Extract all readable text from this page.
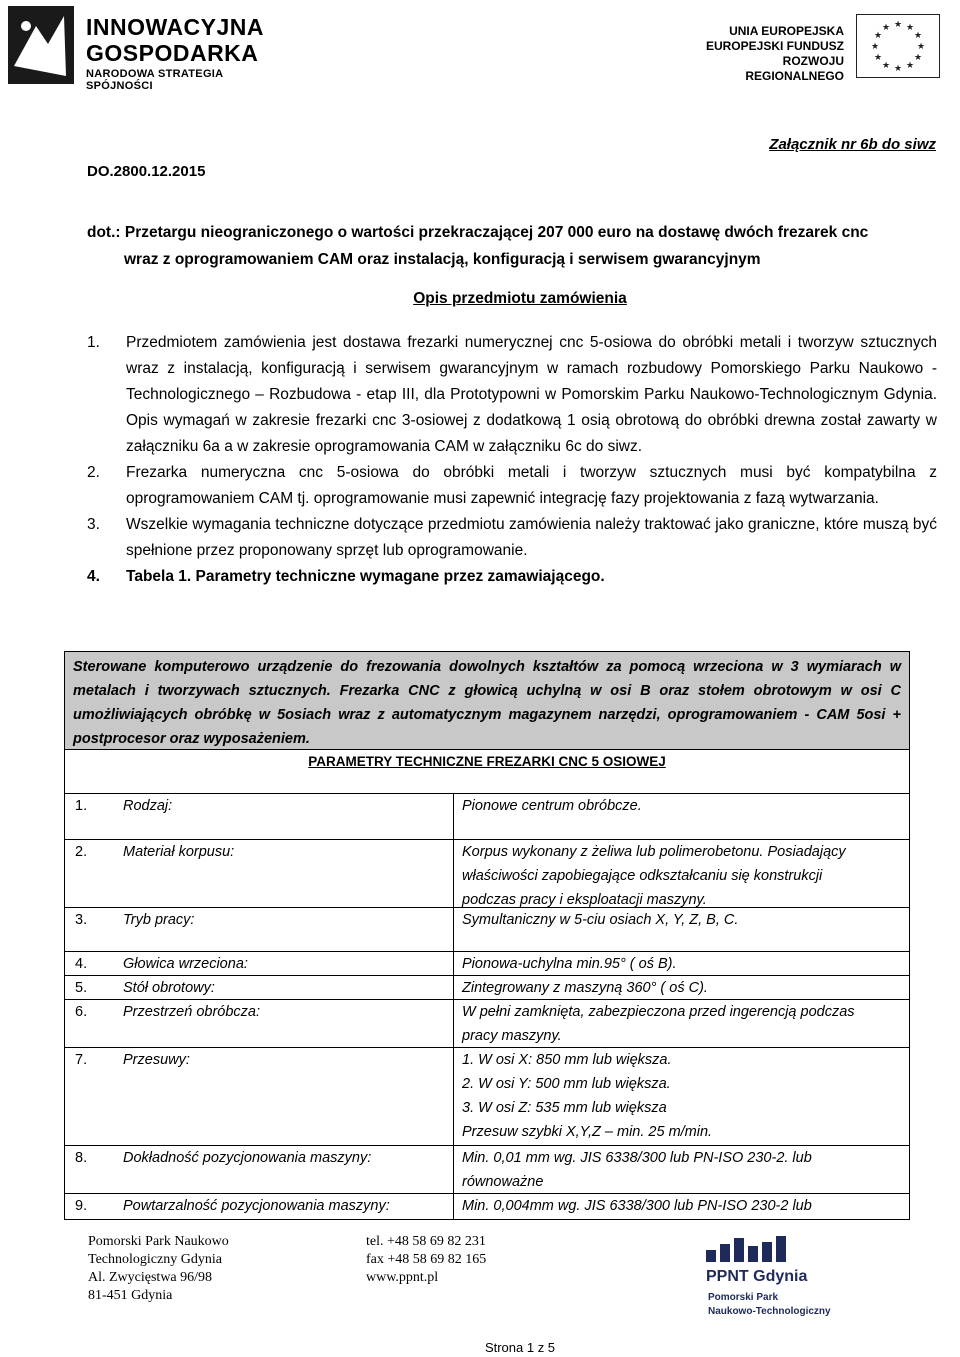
INNOWACYJNA
GOSPODARKA
NARODOWA STRATEGIA SPÓJNOŚCI
UNIA EUROPEJSKA
EUROPEJSKI FUNDUSZ
ROZWOJU REGIONALNEGO
★ ★
★
★
★
★
★
★
★
★
★
★
Załącznik nr 6b do siwz
DO.2800.12.2015
dot.: Przetargu nieograniczonego o wartości przekraczającej 207 000 euro na dostawę dwóch frezarek cnc
wraz z oprogramowaniem CAM oraz instalacją, konfiguracją i serwisem gwarancyjnym
Opis przedmiotu zamówienia
1.	Przedmiotem zamówienia jest dostawa frezarki numerycznej cnc 5-osiowa do obróbki metali i tworzyw sztucznych wraz z instalacją, konfiguracją i serwisem gwarancyjnym w ramach rozbudowy Pomorskiego Parku Naukowo - Technologicznego – Rozbudowa - etap III, dla Prototypowni w Pomorskim Parku Naukowo-Technologicznym Gdynia. Opis wymagań w zakresie frezarki cnc 3-osiowej z dodatkową 1 osią obrotową do obróbki drewna został zawarty w załączniku 6a a w zakresie oprogramowania CAM w załączniku 6c do siwz.
2.	Frezarka numeryczna cnc 5-osiowa do obróbki metali i tworzyw sztucznych musi być kompatybilna z oprogramowaniem CAM tj. oprogramowanie musi zapewnić integrację fazy projektowania z fazą wytwarzania.
3.	Wszelkie wymagania techniczne dotyczące przedmiotu zamówienia należy traktować jako graniczne, które muszą być spełnione przez proponowany sprzęt lub oprogramowanie.
4.	Tabela 1. Parametry techniczne wymagane przez zamawiającego.
Sterowane komputerowo urządzenie do frezowania dowolnych kształtów za pomocą wrzeciona w 3 wymiarach w metalach i tworzywach sztucznych. Frezarka CNC z głowicą uchylną w osi B oraz stołem obrotowym w osi C umożliwiających obróbkę w 5osiach wraz z automatycznym magazynem narzędzi, oprogramowaniem - CAM 5osi + postprocesor oraz wyposażeniem.
PARAMETRY TECHNICZNE FREZARKI CNC 5 OSIOWEJ
1.	Rodzaj:	Pionowe centrum obróbcze.
2.	Materiał korpusu:	Korpus wykonany z żeliwa lub polimerobetonu. Posiadający
właściwości zapobiegające odkształcaniu się konstrukcji
podczas pracy i eksploatacji maszyny.
3.	Tryb pracy:	Symultaniczny w 5-ciu osiach X, Y, Z, B, C.
4.	Głowica wrzeciona:	Pionowa-uchylna min.95° ( oś B).
5.	Stół obrotowy:	Zintegrowany z maszyną 360° ( oś C).
6.	Przestrzeń obróbcza:	W pełni zamknięta, zabezpieczona przed ingerencją podczas
pracy maszyny.
7.	Przesuwy:	1. W osi X: 850 mm lub większa.
2. W osi Y: 500 mm lub większa.
3. W osi Z: 535 mm lub większa
Przesuw szybki X,Y,Z – min. 25 m/min.
8.	Dokładność pozycjonowania maszyny:	Min. 0,01 mm wg. JIS 6338/300 lub PN-ISO 230-2. lub
równoważne
9.	Powtarzalność pozycjonowania maszyny:	Min. 0,004mm wg. JIS 6338/300 lub PN-ISO 230-2 lub
Pomorski Park Naukowo
Technologiczny Gdynia
Al. Zwycięstwa 96/98
81-451 Gdynia
tel. +48 58 69 82 231
fax +48 58 69 82 165
www.ppnt.pl	PPNT Gdynia
Pomorski Park
Naukowo-Technologiczny
Strona 1 z 5
